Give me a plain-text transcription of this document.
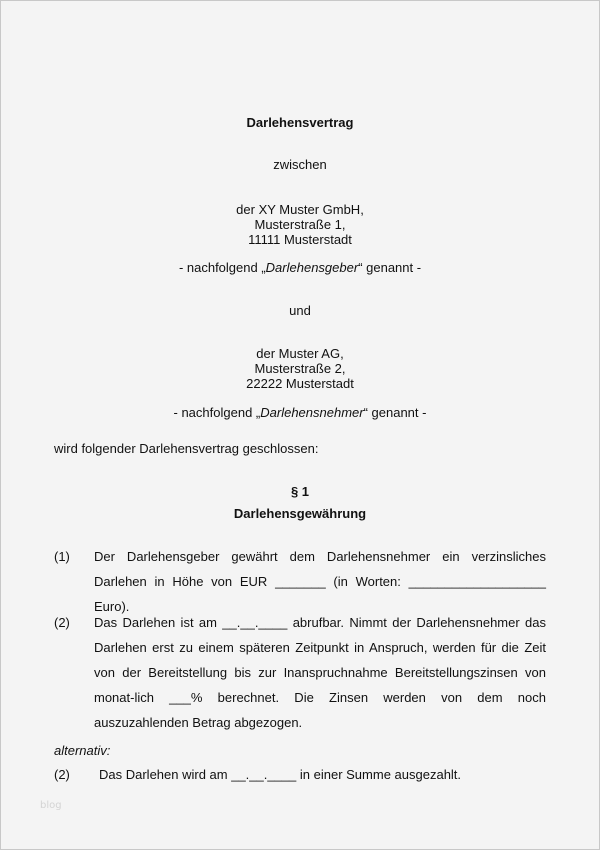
Darlehensvertrag
zwischen
der XY Muster GmbH,
Musterstraße 1,
11111 Musterstadt
- nachfolgend „Darlehensgeber“ genannt -
und
der Muster AG,
Musterstraße 2,
22222 Musterstadt
- nachfolgend „Darlehensnehmer“ genannt -
wird folgender Darlehensvertrag geschlossen:
§ 1
Darlehensgewährung
(1) Der Darlehensgeber gewährt dem Darlehensnehmer ein verzinsliches Darlehen in Höhe von EUR _______ (in Worten: ___________________ Euro).
(2) Das Darlehen ist am __.__.____ abrufbar. Nimmt der Darlehensnehmer das Darlehen erst zu einem späteren Zeitpunkt in Anspruch, werden für die Zeit von der Bereitstellung bis zur Inanspruchnahme Bereitstellungszinsen von monat-lich ___% berechnet. Die Zinsen werden von dem noch auszuzahlenden Betrag abgezogen.
alternativ:
(2) Das Darlehen wird am __.__.____ in einer Summe ausgezahlt.
blog
